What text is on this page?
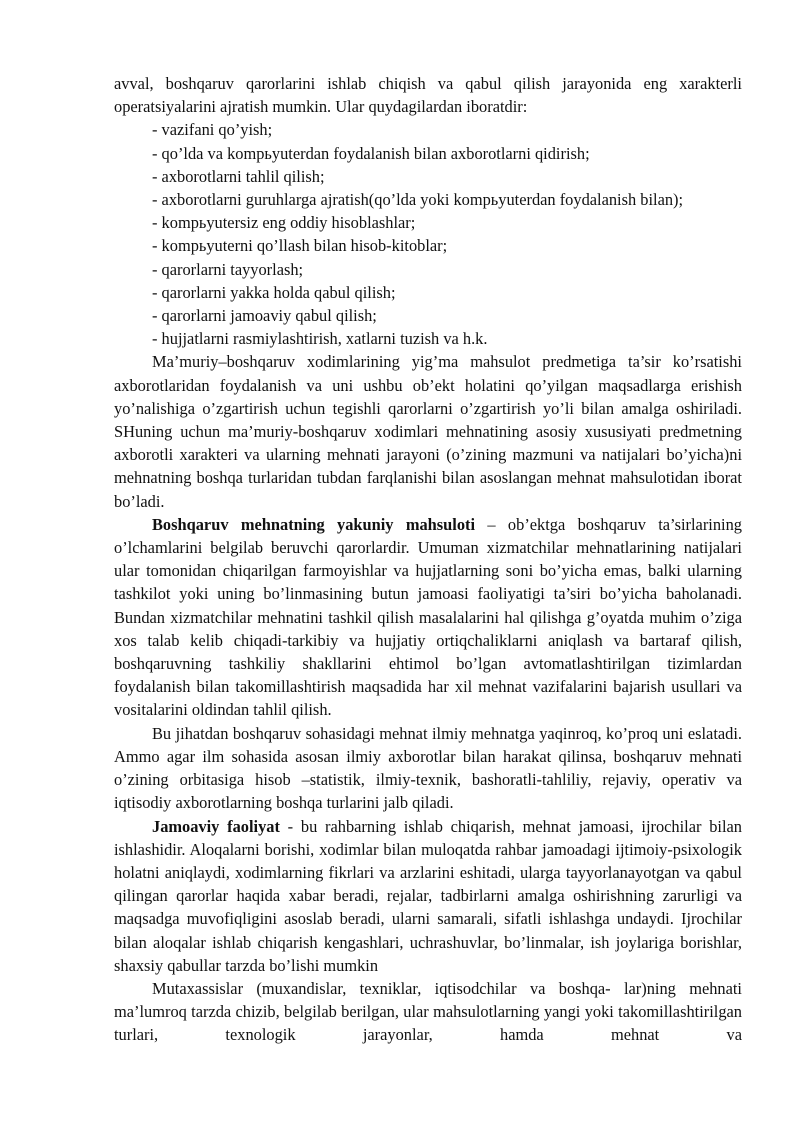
avval, boshqaruv qarorlarini ishlab chiqish va qabul qilish jarayonida eng xarakterli operatsiyalarini ajratish mumkin. Ular quydagilardan iboratdir:

- vazifani qo’yish;

- qo’lda va kompьyuterdan foydalanish bilan axborotlarni qidirish;

- axborotlarni tahlil qilish;

- axborotlarni guruhlarga ajratish(qo’lda yoki kompьyuterdan foydalanish bilan);

- kompьyutersiz eng oddiy hisoblashlar;

- kompьyuterni qo’llash bilan hisob-kitoblar;

- qarorlarni tayyorlash;

- qarorlarni yakka holda qabul qilish;

- qarorlarni jamoaviy qabul qilish;

- hujjatlarni rasmiylashtirish, xatlarni tuzish va h.k.

Ma’muriy–boshqaruv xodimlarining yig’ma mahsulot predmetiga ta’sir ko’rsatishi axborotlaridan foydalanish va uni ushbu ob’ekt holatini qo’yilgan maqsadlarga erishish yo’nalishiga o’zgartirish uchun tegishli qarorlarni o’zgartirish yo’li bilan amalga oshiriladi. SHuning uchun ma’muriy-boshqaruv xodimlari mehnatining asosiy xususiyati predmetning axborotli xarakteri va ularning mehnati jarayoni (o’zining mazmuni va natijalari bo’yicha)ni mehnatning boshqa turlaridan tubdan farqlanishi bilan asoslangan mehnat mahsulotidan iborat bo’ladi.

Boshqaruv mehnatning yakuniy mahsuloti – ob’ektga boshqaruv ta’sirlarining o’lchamlarini belgilab beruvchi qarorlardir. Umuman xizmatchilar mehnatlarining natijalari ular tomonidan chiqarilgan farmoyishlar va hujjatlarning soni bo’yicha emas, balki ularning tashkilot yoki uning bo’linmasining butun jamoasi faoliyatigi ta’siri bo’yicha baholanadi. Bundan xizmatchilar mehnatini tashkil qilish masalalarini hal qilishga g’oyatda muhim o’ziga xos talab kelib chiqadi-tarkibiy va hujjatiy ortiqchaliklarni aniqlash va bartaraf qilish, boshqaruvning tashkiliy shakllarini ehtimol bo’lgan avtomatlashtirilgan tizimlardan foydalanish bilan takomillashtirish maqsadida har xil mehnat vazifalarini bajarish usullari va vositalarini oldindan tahlil qilish.

Bu jihatdan boshqaruv sohasidagi mehnat ilmiy mehnatga yaqinroq, ko’proq uni eslatadi. Ammo agar ilm sohasida asosan ilmiy axborotlar bilan harakat qilinsa, boshqaruv mehnati o’zining orbitasiga hisob –statistik, ilmiy-texnik, bashoratli-tahliliy, rejaviy, operativ va iqtisodiy axborotlarning boshqa turlarini jalb qiladi.

Jamoaviy faoliyat - bu rahbarning ishlab chiqarish, mehnat jamoasi, ijrochilar bilan ishlashidir. Aloqalarni borishi, xodimlar bilan muloqatda rahbar jamoadagi ijtimoiy-psixologik holatni aniqlaydi, xodimlarning fikrlari va arzlarini eshitadi, ularga tayyorlanayotgan va qabul qilingan qarorlar haqida xabar beradi, rejalar, tadbirlarni amalga oshirishning zarurligi va maqsadga muvofiqligini asoslab beradi, ularni samarali, sifatli ishlashga undaydi. Ijrochilar bilan aloqalar ishlab chiqarish kengashlari, uchrashuvlar, bo’linmalar, ish joylariga borishlar, shaxsiy qabullar tarzda bo’lishi mumkin

Mutaxassislar (muxandislar, texniklar, iqtisodchilar va boshqa- lar)ning mehnati ma’lumroq tarzda chizib, belgilab berilgan, ular mahsulotlarning yangi yoki takomillashtirilgan turlari, texnologik jarayonlar, hamda mehnat va
